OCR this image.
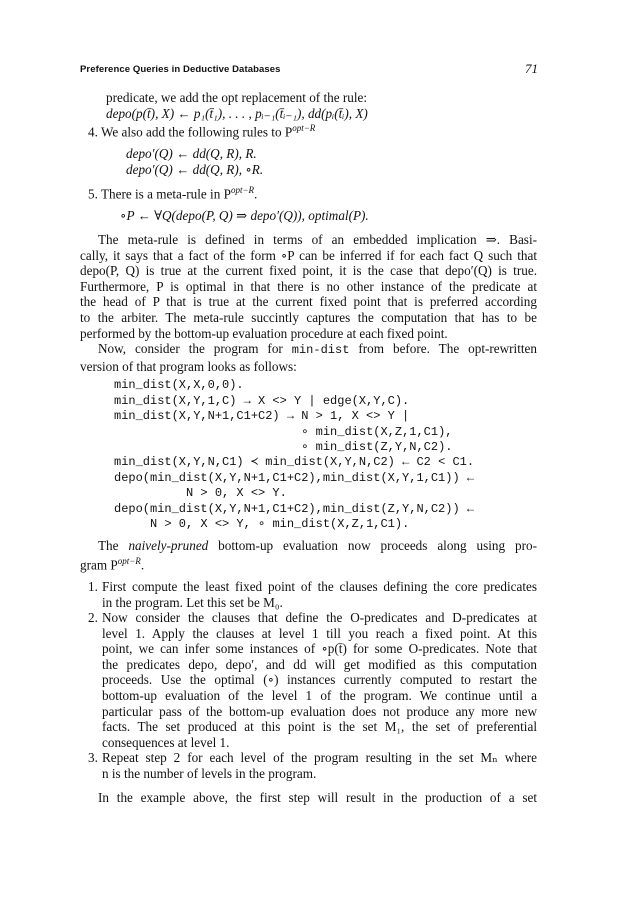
Preference Queries in Deductive Databases	71
predicate, we add the opt replacement of the rule:
depo(p(t̄), X) ← p₁(t̄₁), . . . , pᵢ₋₁(t̄ᵢ₋₁), dd(pᵢ(t̄ᵢ), X)
4. We also add the following rules to $P^{opt-R}$
depo′(Q) ← dd(Q, R), R.
depo′(Q) ← dd(Q, R), ∘R.
5. There is a meta-rule in $P^{opt-R}$.
∘P ← ∀Q(depo(P, Q) ⇒ depo′(Q)), optimal(P).
The meta-rule is defined in terms of an embedded implication ⇒. Basi-
cally, it says that a fact of the form ∘P can be inferred if for each fact Q such that
depo(P, Q) is true at the current fixed point, it is the case that depo′(Q) is true.
Furthermore, P is optimal in that there is no other instance of the predicate at
the head of P that is true at the current fixed point that is preferred according
to the arbiter. The meta-rule succintly captures the computation that has to be
performed by the bottom-up evaluation procedure at each fixed point.
Now, consider the program for min-dist from before. The opt-rewritten
version of that program looks as follows:
min_dist(X,X,0,0).
min_dist(X,Y,1,C) → X <> Y | edge(X,Y,C).
min_dist(X,Y,N+1,C1+C2) → N > 1, X <> Y |
∘ min_dist(X,Z,1,C1),
∘ min_dist(Z,Y,N,C2).
min_dist(X,Y,N,C1) ≺ min_dist(X,Y,N,C2) ← C2 < C1.
depo(min_dist(X,Y,N+1,C1+C2),min_dist(X,Y,1,C1)) ←
N > 0, X <> Y.
depo(min_dist(X,Y,N+1,C1+C2),min_dist(Z,Y,N,C2)) ←
N > 0, X <> Y, ∘ min_dist(X,Z,1,C1).
The naively-pruned bottom-up evaluation now proceeds along using pro-
gram $P^{opt-R}$.
1. First compute the least fixed point of the clauses defining the core predicates
in the program. Let this set be M₀.
2. Now consider the clauses that define the O-predicates and D-predicates at
level 1. Apply the clauses at level 1 till you reach a fixed point. At this
point, we can infer some instances of ∘p(t̄) for some O-predicates. Note that
the predicates depo, depo′, and dd will get modified as this computation
proceeds. Use the optimal (∘) instances currently computed to restart the
bottom-up evaluation of the level 1 of the program. We continue until a
particular pass of the bottom-up evaluation does not produce any more new
facts. The set produced at this point is the set M₁, the set of preferential
consequences at level 1.
3. Repeat step 2 for each level of the program resulting in the set Mₙ where
n is the number of levels in the program.
In the example above, the first step will result in the production of a set
